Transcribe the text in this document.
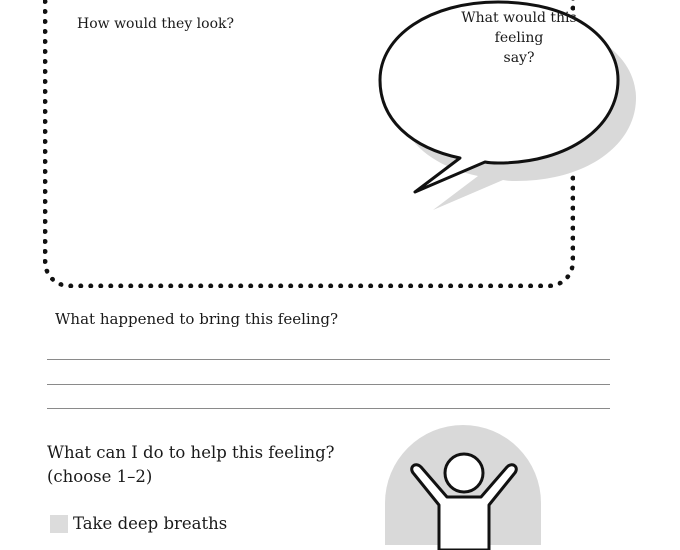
How would they look?	What would this feeling
say?
What happened to bring this feeling?
What can I do to help this feeling?
(choose 1–2)
Take deep breaths
